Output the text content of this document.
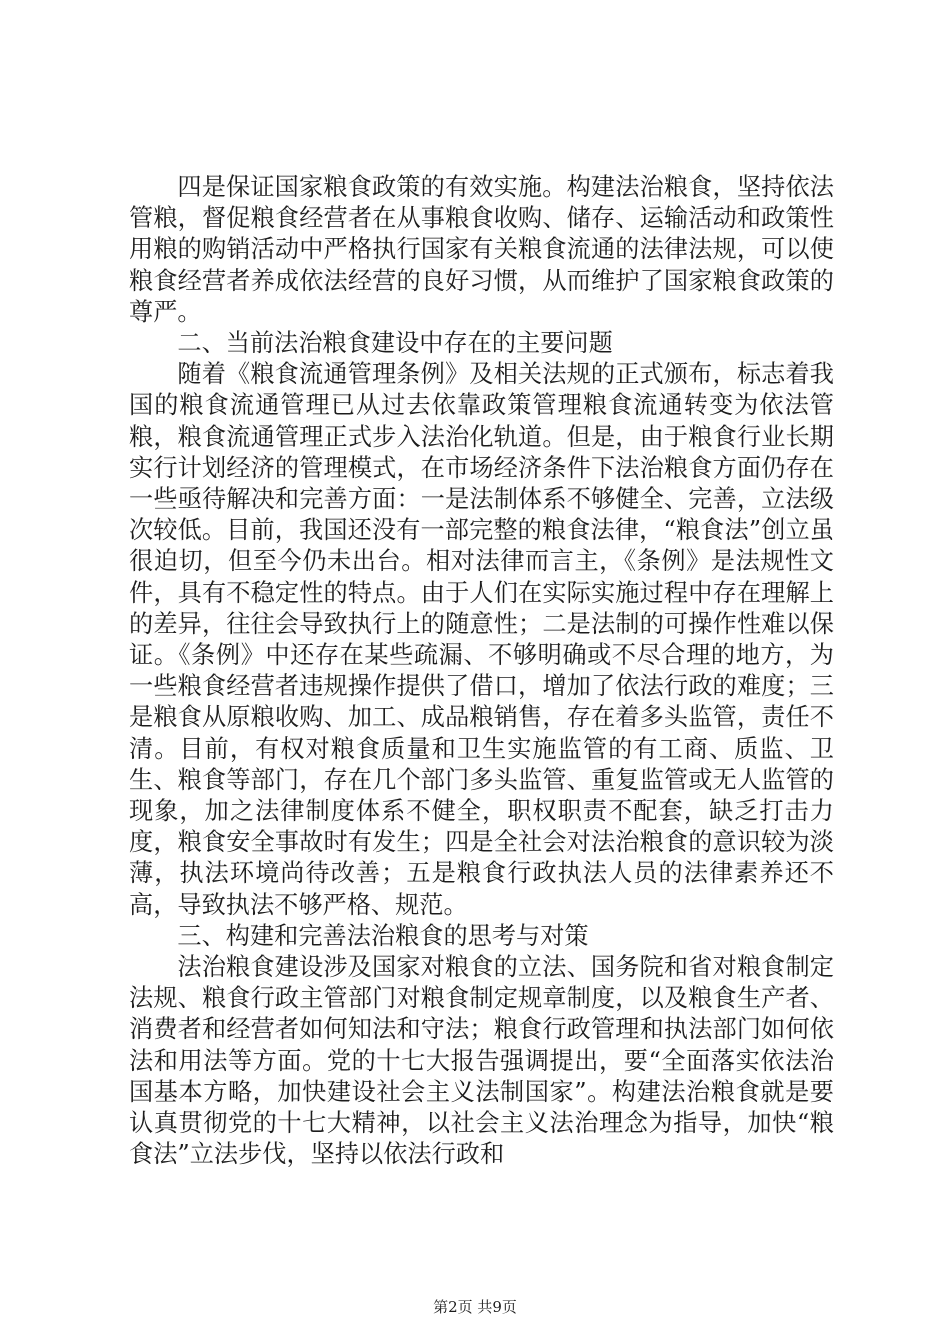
四是保证国家粮食政策的有效实施。构建法治粮食，坚持依法管粮，督促粮食经营者在从事粮食收购、储存、运输活动和政策性用粮的购销活动中严格执行国家有关粮食流通的法律法规，可以使粮食经营者养成依法经营的良好习惯，从而维护了国家粮食政策的尊严。

二、当前法治粮食建设中存在的主要问题

随着《粮食流通管理条例》及相关法规的正式颁布，标志着我国的粮食流通管理已从过去依靠政策管理粮食流通转变为依法管粮，粮食流通管理正式步入法治化轨道。但是，由于粮食行业长期实行计划经济的管理模式，在市场经济条件下法治粮食方面仍存在一些亟待解决和完善方面：一是法制体系不够健全、完善，立法级次较低。目前，我国还没有一部完整的粮食法律，“粮食法”创立虽很迫切，但至今仍未出台。相对法律而言主，《条例》是法规性文件，具有不稳定性的特点。由于人们在实际实施过程中存在理解上的差异，往往会导致执行上的随意性；二是法制的可操作性难以保证。《条例》中还存在某些疏漏、不够明确或不尽合理的地方，为一些粮食经营者违规操作提供了借口，增加了依法行政的难度；三是粮食从原粮收购、加工、成品粮销售，存在着多头监管，责任不清。目前，有权对粮食质量和卫生实施监管的有工商、质监、卫生、粮食等部门，存在几个部门多头监管、重复监管或无人监管的现象，加之法律制度体系不健全，职权职责不配套，缺乏打击力度，粮食安全事故时有发生；四是全社会对法治粮食的意识较为淡薄，执法环境尚待改善；五是粮食行政执法人员的法律素养还不高，导致执法不够严格、规范。

三、构建和完善法治粮食的思考与对策

法治粮食建设涉及国家对粮食的立法、国务院和省对粮食制定法规、粮食行政主管部门对粮食制定规章制度，以及粮食生产者、消费者和经营者如何知法和守法；粮食行政管理和执法部门如何依法和用法等方面。党的十七大报告强调提出，要“全面落实依法治国基本方略，加快建设社会主义法制国家”。构建法治粮食就是要认真贯彻党的十七大精神，以社会主义法治理念为指导，加快“粮食法”立法步伐，坚持以依法行政和

第2页 共9页
